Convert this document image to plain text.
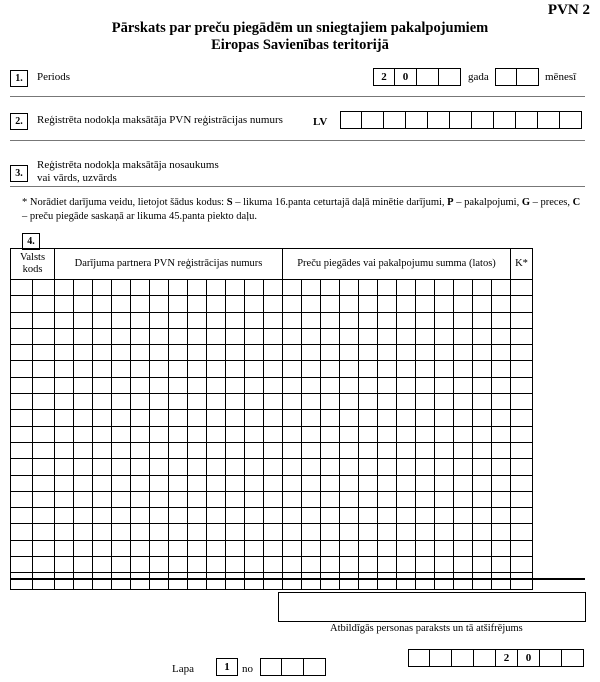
PVN 2
Pārskats par preču piegādēm un sniegtajiem pakalpojumiem
Eiropas Savienības teritorijā
1.	Periods	2	0	gada	mēnesī
2.	Reģistrēta nodokļa maksātāja PVN reģistrācijas numurs	LV
3.
Reģistrēta nodokļa maksātāja nosaukums
vai vārds, uzvārds
* Norādiet darījuma veidu, lietojot šādus kodus: S – likuma 16.panta ceturtajā daļā minētie darījumi, P – pakalpojumi, G – preces, C – preču piegāde saskaņā ar likuma 45.panta piekto daļu.
4.
Valsts kods		Darījuma partnera PVN reģistrācijas numurs												Preču piegādes vai pakalpojumu summa (latos)												K*

Atbildīgās personas paraksts un tā atšifrējums
Lapa	1	no
2	0
